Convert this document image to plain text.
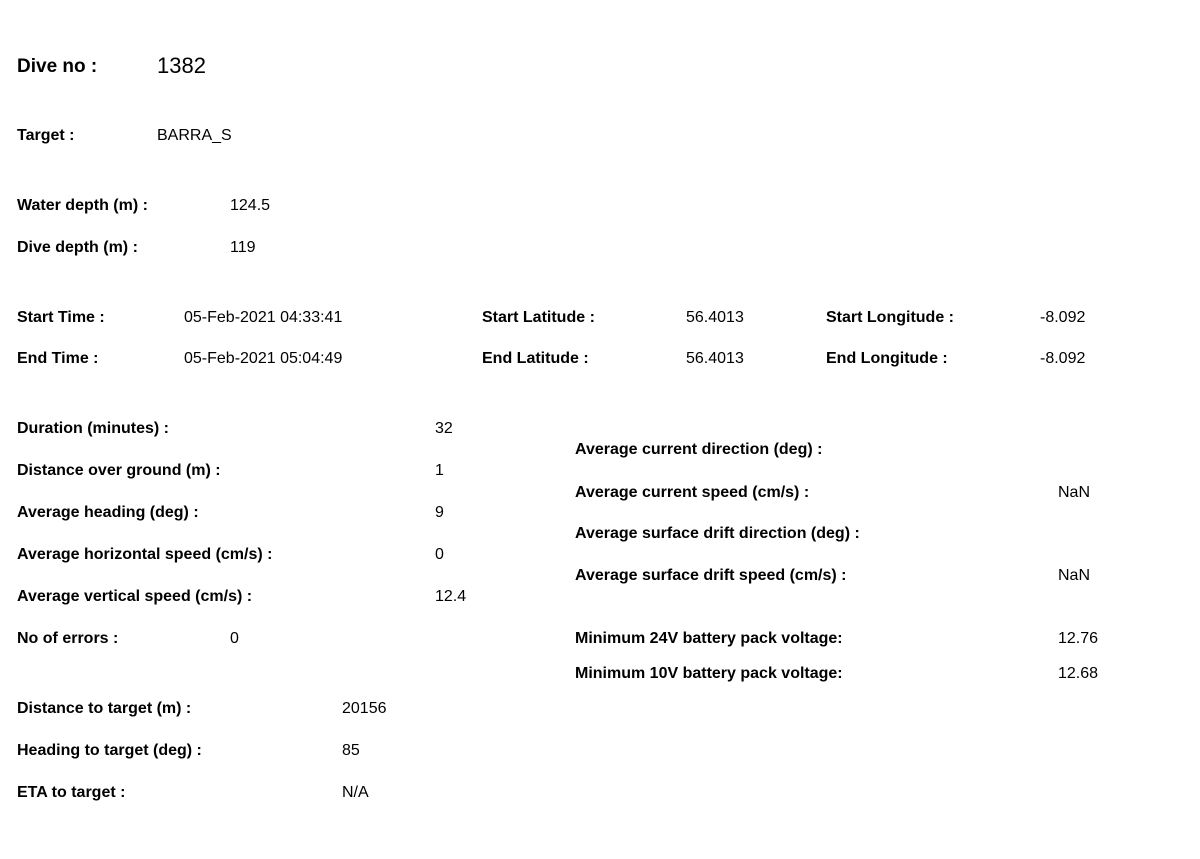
Dive no :	1382
Target :	BARRA_S
Water depth (m) :	124.5
Dive depth (m) :	119
Start Time :	05-Feb-2021 04:33:41	Start Latitude :	56.4013	Start Longitude :	-8.092
End Time :	05-Feb-2021 05:04:49	End Latitude :	56.4013	End Longitude :	-8.092
Duration (minutes) :	32
Distance over ground (m) :	1
Average heading (deg) :	9
Average horizontal speed (cm/s) :	0
Average vertical speed (cm/s) :	12.4
No of errors :	0
Average current direction (deg) :
Average current speed (cm/s) :	NaN
Average surface drift direction (deg) :
Average surface drift speed (cm/s) :	NaN
Minimum 24V battery pack voltage:	12.76
Minimum 10V battery pack voltage:	12.68
Distance to target (m) :	20156
Heading to target (deg) :	85
ETA to target :	N/A
